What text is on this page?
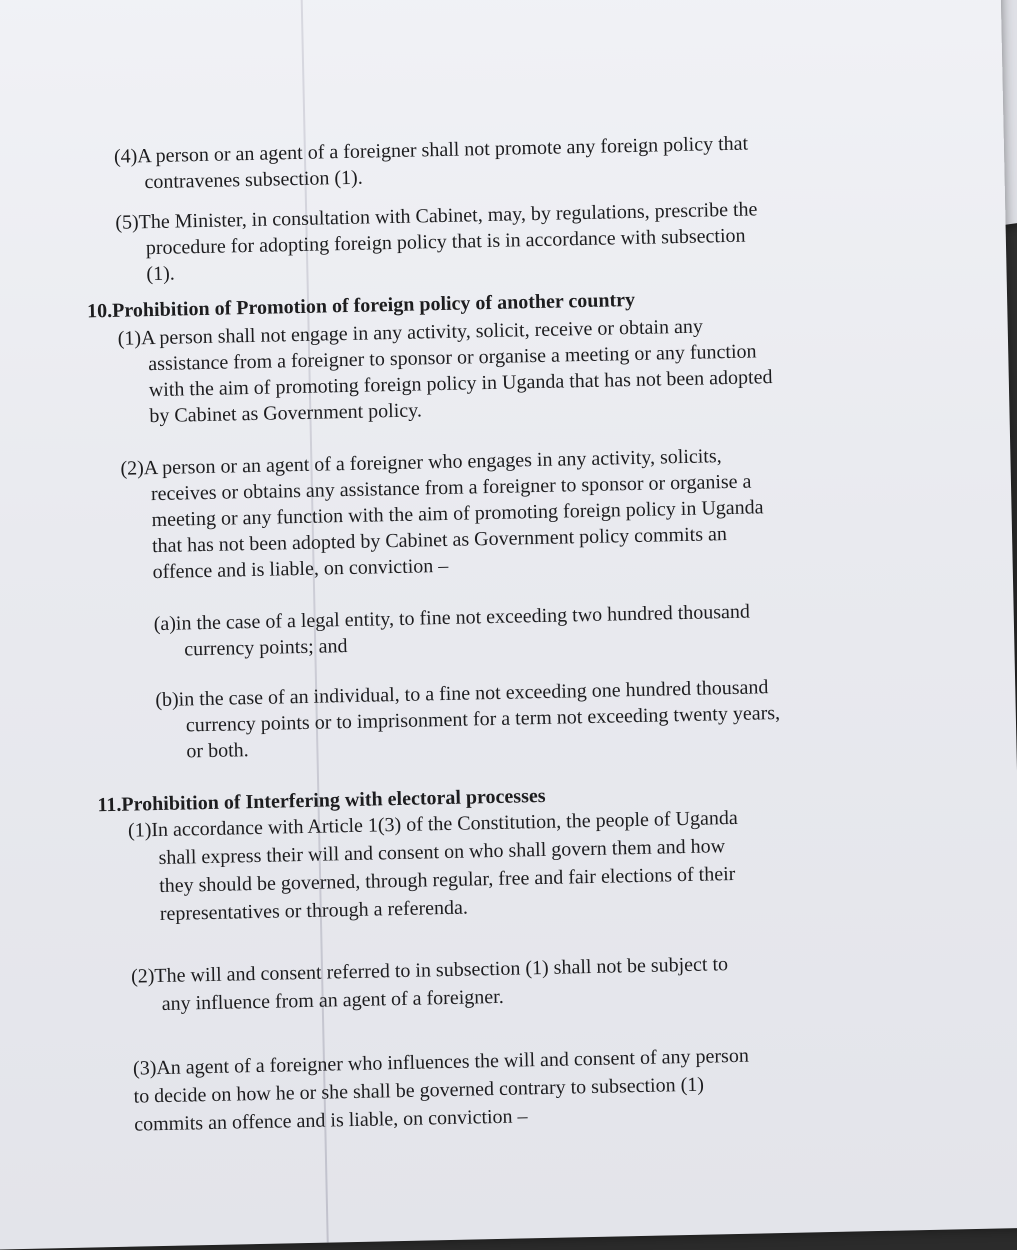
(4)A person or an agent of a foreigner shall not promote any foreign policy that
contravenes subsection (1).
(5)The Minister, in consultation with Cabinet, may, by regulations, prescribe the
procedure for adopting foreign policy that is in accordance with subsection
(1).
10.Prohibition of Promotion of foreign policy of another country
(1)A person shall not engage in any activity, solicit, receive or obtain any
assistance from a foreigner to sponsor or organise a meeting or any function
with the aim of promoting foreign policy in Uganda that has not been adopted
by Cabinet as Government policy.
(2)A person or an agent of a foreigner who engages in any activity, solicits,
receives or obtains any assistance from a foreigner to sponsor or organise a
meeting or any function with the aim of promoting foreign policy in Uganda
that has not been adopted by Cabinet as Government policy commits an
offence and is liable, on conviction –
(a)in the case of a legal entity, to fine not exceeding two hundred thousand
currency points; and
(b)in the case of an individual, to a fine not exceeding one hundred thousand
currency points or to imprisonment for a term not exceeding twenty years,
or both.
11.Prohibition of Interfering with electoral processes
(1)In accordance with Article 1(3) of the Constitution, the people of Uganda
shall express their will and consent on who shall govern them and how
they should be governed, through regular, free and fair elections of their
representatives or through a referenda.
(2)The will and consent referred to in subsection (1) shall not be subject to
any influence from an agent of a foreigner.
(3)An agent of a foreigner who influences the will and consent of any person
to decide on how he or she shall be governed contrary to subsection (1)
commits an offence and is liable, on conviction –
